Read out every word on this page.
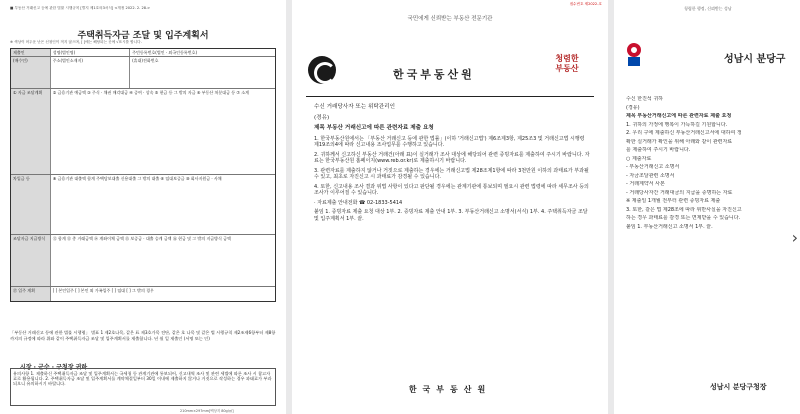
■ 부동산 거래신고 등에 관한 법률 시행규칙 [별지 제1호의3서식] <개정 2022. 2. 28.>
주택취득자금 조달 및 입주계획서
※ 색상이 어두운 난은 신청인이 적지 않으며, [ ]에는 해당되는 곳에 √표시를 합니다.
제출인	성명(법인명)	주민등록번호(법인 · 외국인등록번호)
(매수인)	주소(법인소재지)	(휴대)전화번호
① 자금 조달계획	② 금융기관 예금액 ③ 주식 · 채권 매각대금 ④ 증여 · 상속 ⑤ 현금 등 그 밖의 자금 ⑥ 부동산 처분대금 등 ⑦ 소계
차입금 등	⑧ 금융기관 대출액 합계 주택담보대출 신용대출 그 밖의 대출 ⑨ 임대보증금 ⑩ 회사지원금 · 사채
조달자금 지급방식	⑫ 합계 ⑬ 총 거래금액 ⑭ 계좌이체 금액 ⑮ 보증금 · 대출 승계 금액 ⑯ 현금 및 그 밖의 지급방식 금액
⑰ 입주 계획	[ ] 본인입주 [ ] 본인 외 가족입주 [ ] 임대 [ ] 그 밖의 경우
「부동산 거래신고 등에 관한 법률 시행령」 별표 1 제2호나목, 같은 표 제3호가목 전단, 같은 호 나목 및 같은 법 시행규칙 제2조제6항부터 제8항까지의 규정에 따라 위와 같이 주택취득자금 조달 및 입주계획서를 제출합니다. 년 월 일 제출인 (서명 또는 인)
시장 · 군수 · 구청장 귀하
유의사항 1. 제출하신 주택취득자금 조달 및 입주계획서는 국세청 등 관계기관에 통보되어, 신고내역 조사 및 관련 세법에 따른 조사 시 참고자료로 활용됩니다. 2. 주택취득자금 조달 및 입주계획서를 계약체결일부터 30일 이내에 제출하지 않거나 거짓으로 작성하는 경우 과태료가 부과되오니 유의하시기 바랍니다.
210mm×297mm[백상지 80g/㎡]
접수번호 제2022-호
국민에게 신뢰받는 부동산 전문기관
한국부동산원
청렴한 부동산

수신 거래당사자 또는 위탁관리인

(경유)

제목 부동산 거래신고에 따른 관련자료 제출 요청

1. 한국부동산원에서는 「부동산 거래신고 등에 관한 법률」(이하 '거래신고법') 제6조제3항, 제25조3 및 거래신고법 시행령 제19조의4에 따라 신고내용 조사업무를 수행하고 있습니다.

2. 귀하께서 신고하신 부동산 거래건(아래 표)이 실거래가 조사 대상에 해당되어 관련 증빙자료를 제출하여 주시기 바랍니다. 자료는 한국부동산원 홈페이지(www.reb.or.kr)로 제출하시기 바랍니다.

3. 관련자료를 제출하지 않거나 거짓으로 제출하는 경우에는 거래신고법 제28조제1항에 따라 3천만원 이하의 과태료가 부과될 수 있고, 최초로 자진신고 시 과태료가 감경될 수 있습니다.

4. 또한, 신고내용 조사 결과 위법 사항이 있다고 판단될 경우에는 관계기관에 통보되며 필요시 관련 법령에 따라 세무조사 등의 조사가 이루어질 수 있습니다.

· 자료제출 안내전화 ☎ 02-1833-5414

붙임 1. 증빙자료 제출 요청 대상 1부. 2. 증빙자료 제출 안내 1부. 3. 부동산거래신고 소명서(서식) 1부. 4. 주택취득자금 조달 및 입주계획서 1부. 끝.

한국부동산원
청렴한 행정, 신뢰받는 성남
성남시 분당구

수신 한진석 귀하

(경유)

제목 부동산거래신고에 따른 관련자료 제출 요청

1. 귀하의 가정에 행복이 가득하길 기원합니다.

2. 우리 구에 제출하신 부동산거래신고서에 대하여 정

확한 실거래가 확인을 위해 아래와 같이 관련자료

를 제출하여 주시기 바랍니다.

○ 제출자료

- 부동산거래신고 소명서

- 자금조달관련 소명서

- 거래계약서 사본

- 거래당사자간 거래대금의 지급을 증명하는 자료

※ 제출일 1개월 전부터 관련 증빙자료 제출

3. 또한, 같은 법 제28조에 따라 위반사실을 자진신고

하는 경우 과태료를 감경 또는 면제받을 수 있습니다.

붙임 1. 부동산거래신고 소명서 1부. 끝.

성남시 분당구청장
›
